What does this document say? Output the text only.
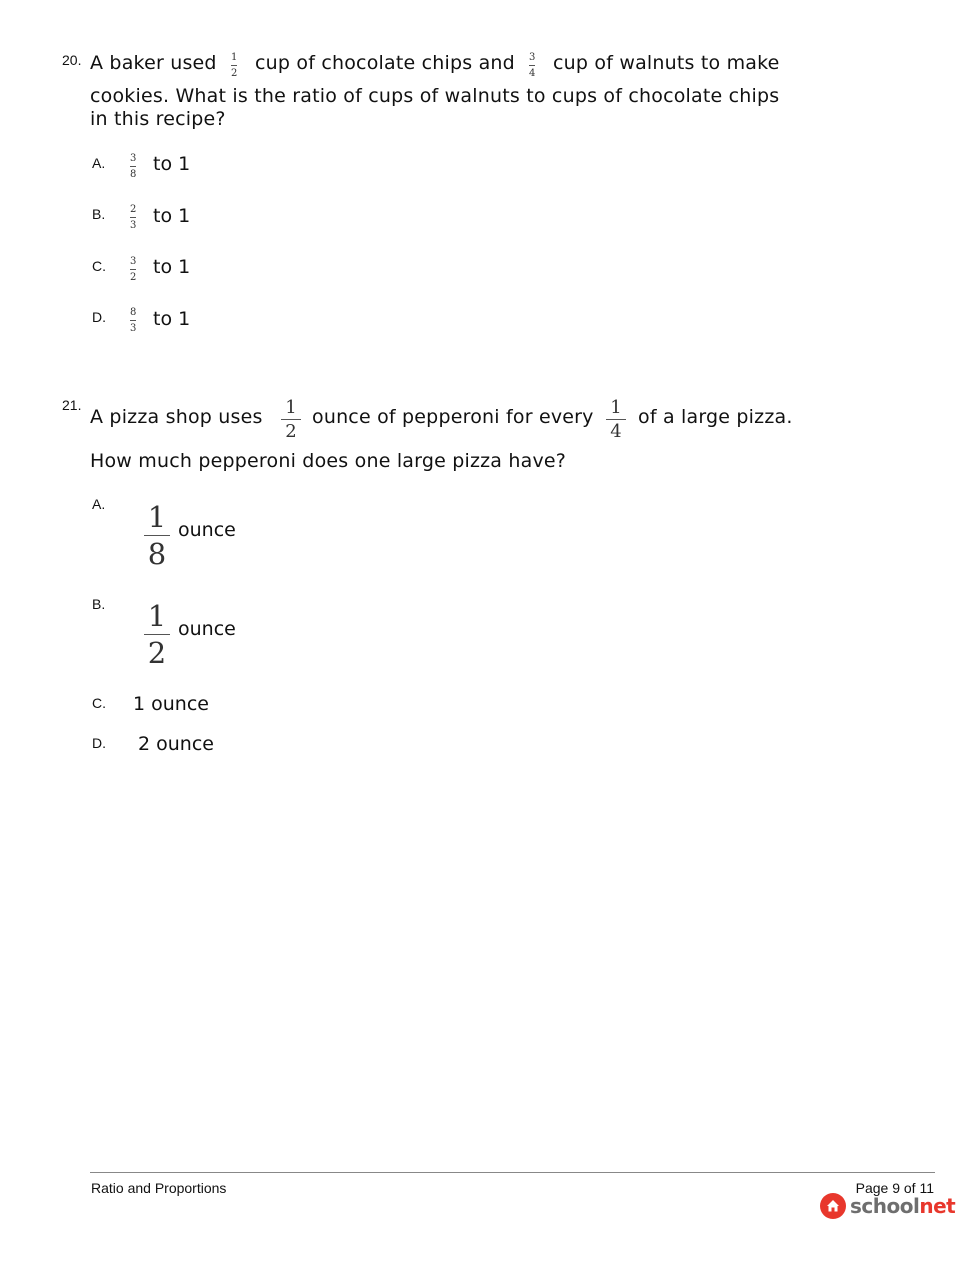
20. A baker used 1
2 cup of chocolate chips and 3
4 cup of walnuts to make
cookies. What is the ratio of cups of walnuts to cups of chocolate chips
in this recipe?
A. 3
8 to 1
B. 2
3 to 1
C. 3
2 to 1
D. 8
3 to 1
21.
A pizza shop uses 1
2
ounce of pepperoni for every 1
4
of a large pizza.
How much pepperoni does one large pizza have?
A. 1
8
ounce
B. 1
2
ounce
C. 1 ounce
D. 2 ounce
Ratio and Proportions	Page 9 of 11
schoolnet
